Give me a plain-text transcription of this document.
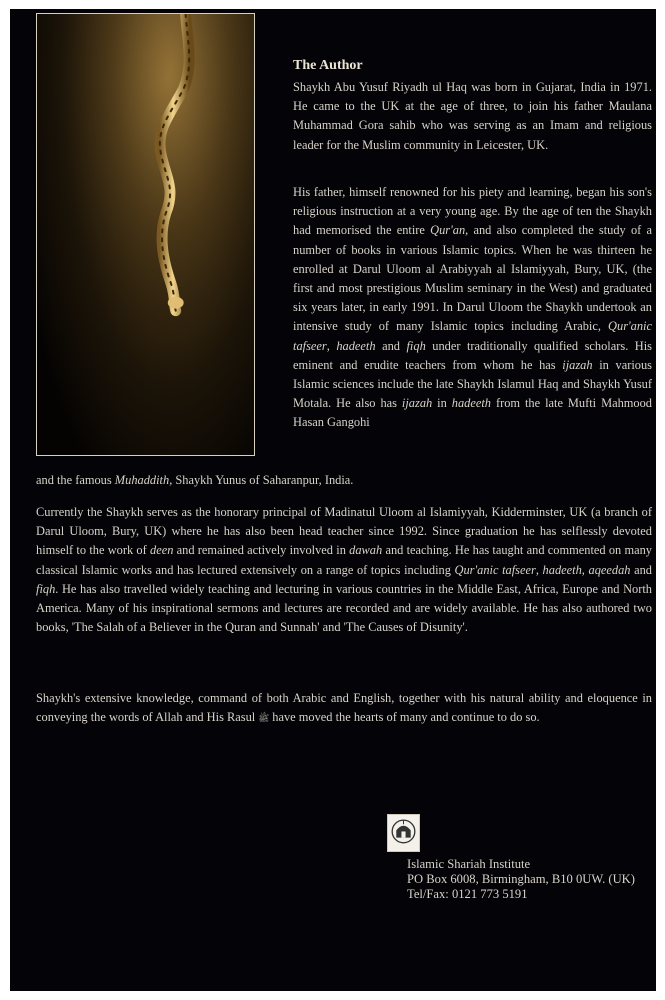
The Author

Shaykh Abu Yusuf Riyadh ul Haq was born in Gujarat, India in 1971. He came to the UK at the age of three, to join his father Maulana Muhammad Gora sahib who was serving as an Imam and religious leader for the Muslim community in Leicester, UK.

His father, himself renowned for his piety and learning, began his son's religious instruction at a very young age. By the age of ten the Shaykh had memorised the entire Qur'an, and also completed the study of a number of books in various Islamic topics. When he was thirteen he enrolled at Darul Uloom al Arabiyyah al Islamiyyah, Bury, UK, (the first and most prestigious Muslim seminary in the West) and graduated six years later, in early 1991. In Darul Uloom the Shaykh undertook an intensive study of many Islamic topics including Arabic, Qur'anic tafseer, hadeeth and fiqh under traditionally qualified scholars. His eminent and erudite teachers from whom he has ijazah in various Islamic sciences include the late Shaykh Islamul Haq and Shaykh Yusuf Motala. He also has ijazah in hadeeth from the late Mufti Mahmood Hasan Gangohi

and the famous Muhaddith, Shaykh Yunus of Saharanpur, India.

Currently the Shaykh serves as the honorary principal of Madinatul Uloom al Islamiyyah, Kidderminster, UK (a branch of Darul Uloom, Bury, UK) where he has also been head teacher since 1992. Since graduation he has selflessly devoted himself to the work of deen and remained actively involved in dawah and teaching. He has taught and commented on many classical Islamic works and has lectured extensively on a range of topics including Qur'anic tafseer, hadeeth, aqeedah and fiqh. He has also travelled widely teaching and lecturing in various countries in the Middle East, Africa, Europe and North America. Many of his inspirational sermons and lectures are recorded and are widely available. He has also authored two books, 'The Salah of a Believer in the Quran and Sunnah' and 'The Causes of Disunity'.

Shaykh's extensive knowledge, command of both Arabic and English, together with his natural ability and eloquence in conveying the words of Allah and His Rasul ﷺ have moved the hearts of many and continue to do so.

Islamic Shariah Institute
PO Box 6008, Birmingham, B10 0UW. (UK)
Tel/Fax: 0121 773 5191
